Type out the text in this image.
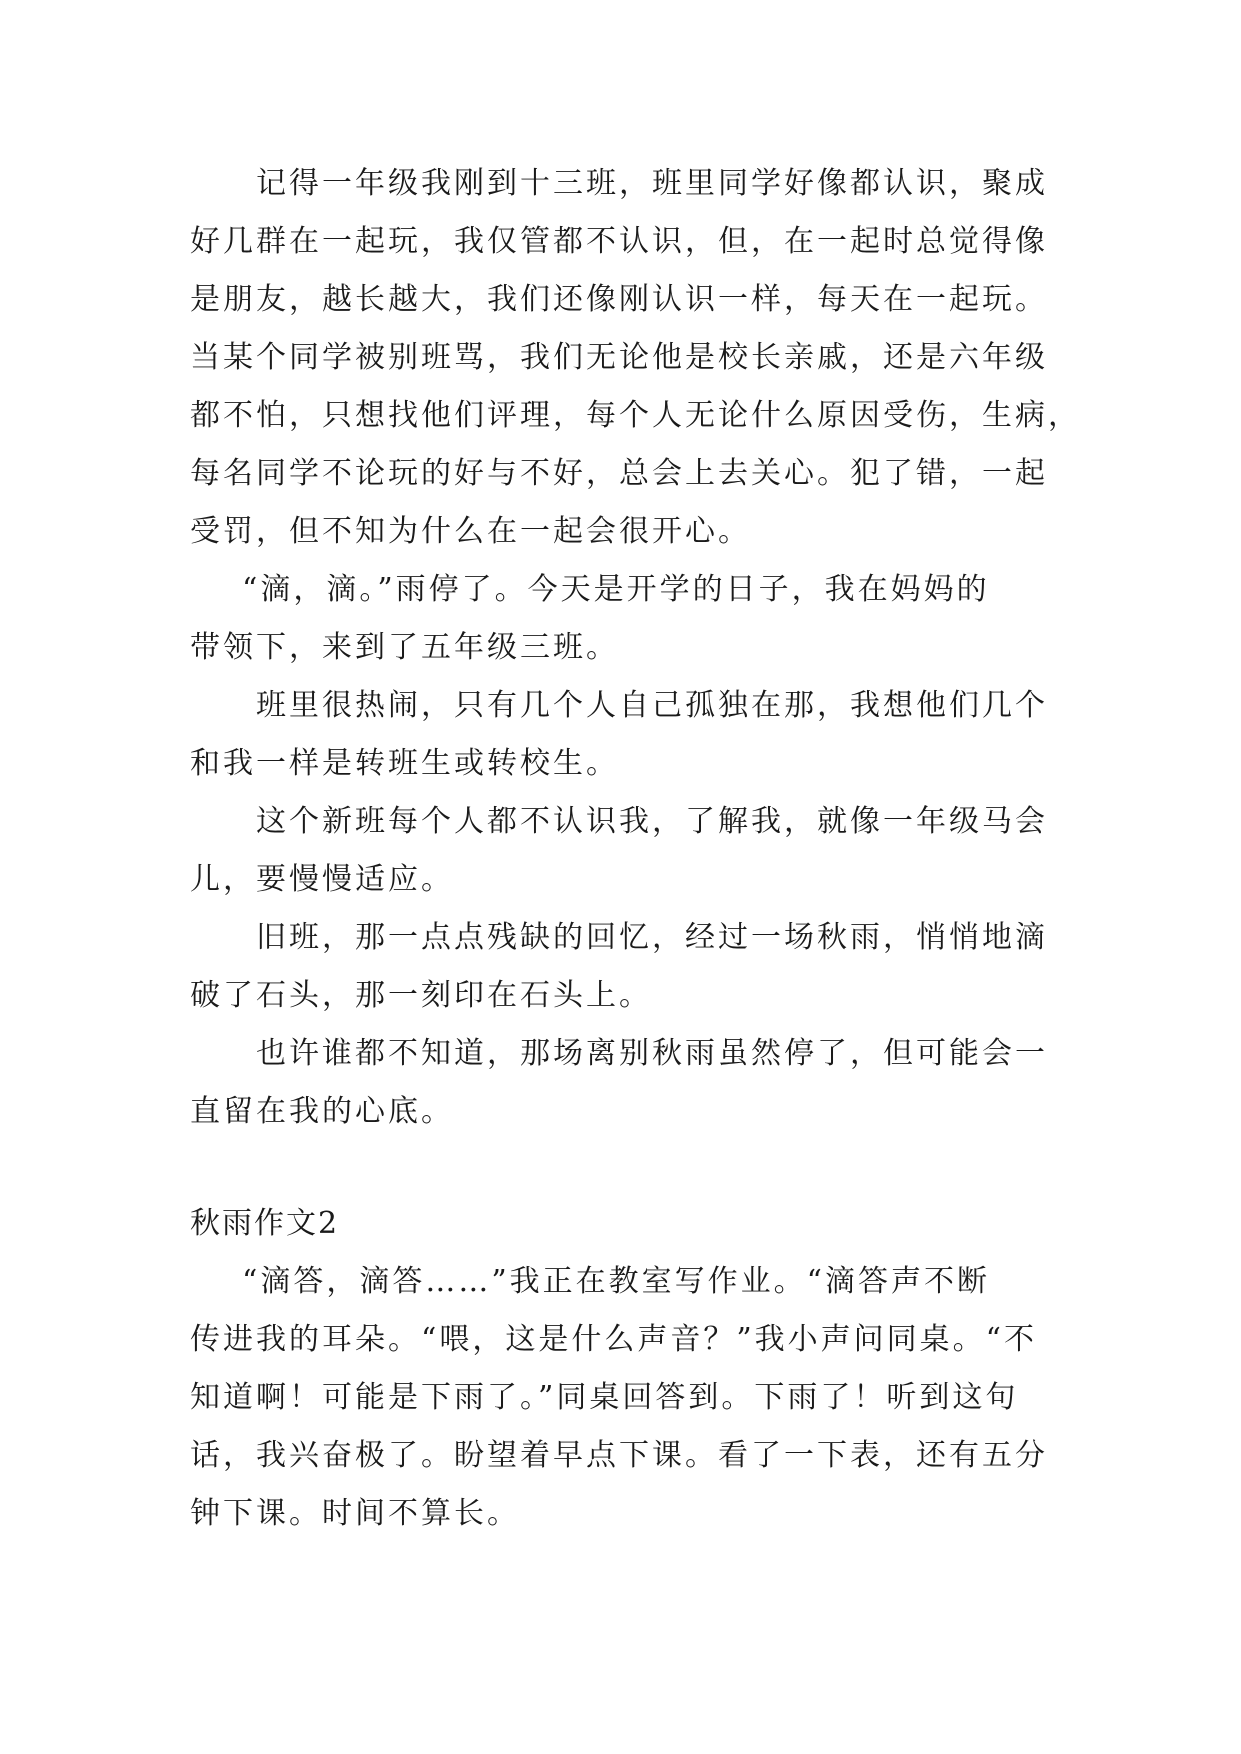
记得一年级我刚到十三班，班里同学好像都认识，聚成
好几群在一起玩，我仅管都不认识，但，在一起时总觉得像
是朋友，越长越大，我们还像刚认识一样，每天在一起玩。
当某个同学被别班骂，我们无论他是校长亲戚，还是六年级
都不怕，只想找他们评理，每个人无论什么原因受伤，生病，
每名同学不论玩的好与不好，总会上去关心。犯了错，一起
受罚，但不知为什么在一起会很开心。
“滴，滴。”雨停了。今天是开学的日子，我在妈妈的
带领下，来到了五年级三班。
班里很热闹，只有几个人自己孤独在那，我想他们几个
和我一样是转班生或转校生。
这个新班每个人都不认识我，了解我，就像一年级马会
儿，要慢慢适应。
旧班，那一点点残缺的回忆，经过一场秋雨，悄悄地滴
破了石头，那一刻印在石头上。
也许谁都不知道，那场离别秋雨虽然停了，但可能会一
直留在我的心底。
秋雨作文2
“滴答，滴答……”我正在教室写作业。“滴答声不断
传进我的耳朵。“喂，这是什么声音？”我小声问同桌。“不
知道啊！可能是下雨了。”同桌回答到。下雨了！听到这句
话，我兴奋极了。盼望着早点下课。看了一下表，还有五分
钟下课。时间不算长。
